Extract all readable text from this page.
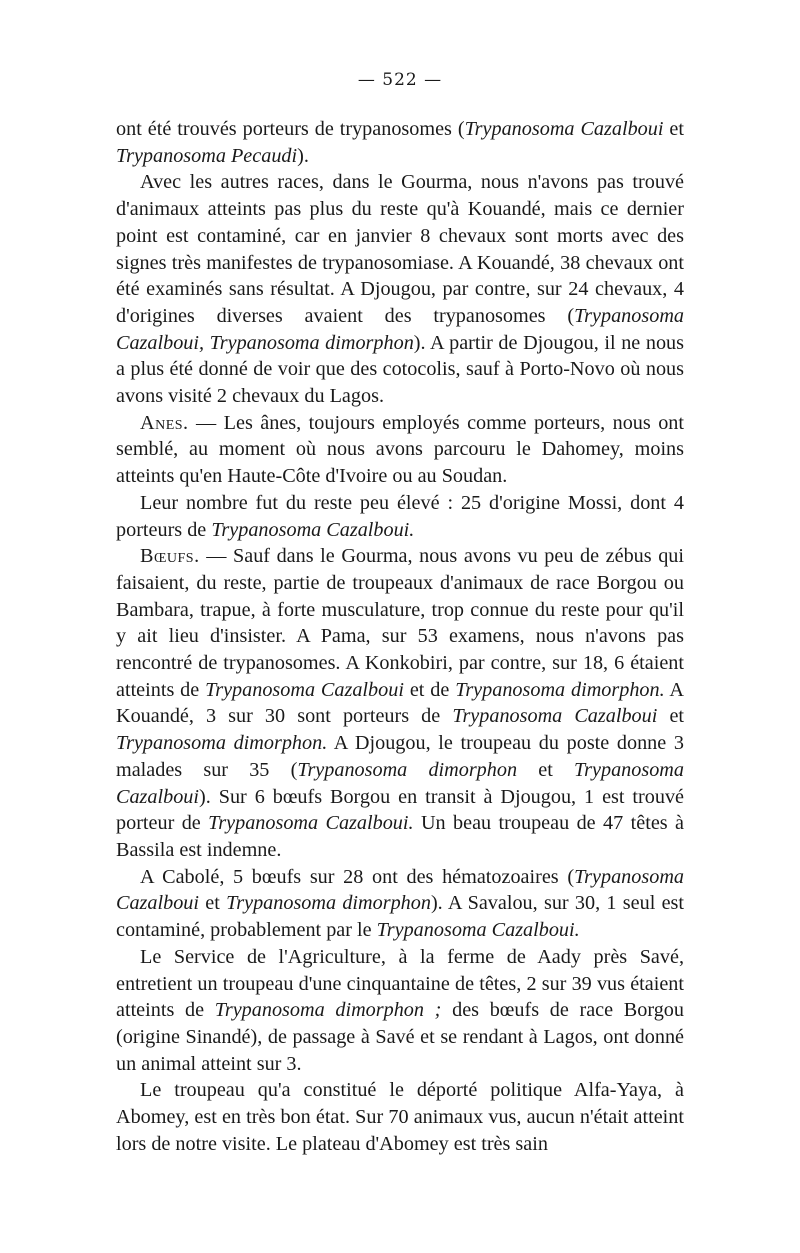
— 522 —

ont été trouvés porteurs de trypanosomes (Trypanosoma Cazalboui et Trypanosoma Pecaudi).

Avec les autres races, dans le Gourma, nous n'avons pas trouvé d'animaux atteints pas plus du reste qu'à Kouandé, mais ce dernier point est contaminé, car en janvier 8 chevaux sont morts avec des signes très manifestes de trypanosomiase. A Kouandé, 38 chevaux ont été examinés sans résultat. A Djougou, par contre, sur 24 chevaux, 4 d'origines diverses avaient des trypanosomes (Trypanosoma Cazalboui, Trypanosoma dimorphon). A partir de Djougou, il ne nous a plus été donné de voir que des cotocolis, sauf à Porto-Novo où nous avons visité 2 chevaux du Lagos.

Anes. — Les ânes, toujours employés comme porteurs, nous ont semblé, au moment où nous avons parcouru le Dahomey, moins atteints qu'en Haute-Côte d'Ivoire ou au Soudan.

Leur nombre fut du reste peu élevé : 25 d'origine Mossi, dont 4 porteurs de Trypanosoma Cazalboui.

Bœufs. — Sauf dans le Gourma, nous avons vu peu de zébus qui faisaient, du reste, partie de troupeaux d'animaux de race Borgou ou Bambara, trapue, à forte musculature, trop connue du reste pour qu'il y ait lieu d'insister. A Pama, sur 53 examens, nous n'avons pas rencontré de trypanosomes. A Konkobiri, par contre, sur 18, 6 étaient atteints de Trypanosoma Cazalboui et de Trypanosoma dimorphon. A Kouandé, 3 sur 30 sont porteurs de Trypanosoma Cazalboui et Trypanosoma dimorphon. A Djougou, le troupeau du poste donne 3 malades sur 35 (Trypanosoma dimorphon et Trypanosoma Cazalboui). Sur 6 bœufs Borgou en transit à Djougou, 1 est trouvé porteur de Trypanosoma Cazalboui. Un beau troupeau de 47 têtes à Bassila est indemne.

A Cabolé, 5 bœufs sur 28 ont des hématozoaires (Trypanosoma Cazalboui et Trypanosoma dimorphon). A Savalou, sur 30, 1 seul est contaminé, probablement par le Trypanosoma Cazalboui.

Le Service de l'Agriculture, à la ferme de Aady près Savé, entretient un troupeau d'une cinquantaine de têtes, 2 sur 39 vus étaient atteints de Trypanosoma dimorphon ; des bœufs de race Borgou (origine Sinandé), de passage à Savé et se rendant à Lagos, ont donné un animal atteint sur 3.

Le troupeau qu'a constitué le déporté politique Alfa-Yaya, à Abomey, est en très bon état. Sur 70 animaux vus, aucun n'était atteint lors de notre visite. Le plateau d'Abomey est très sain
